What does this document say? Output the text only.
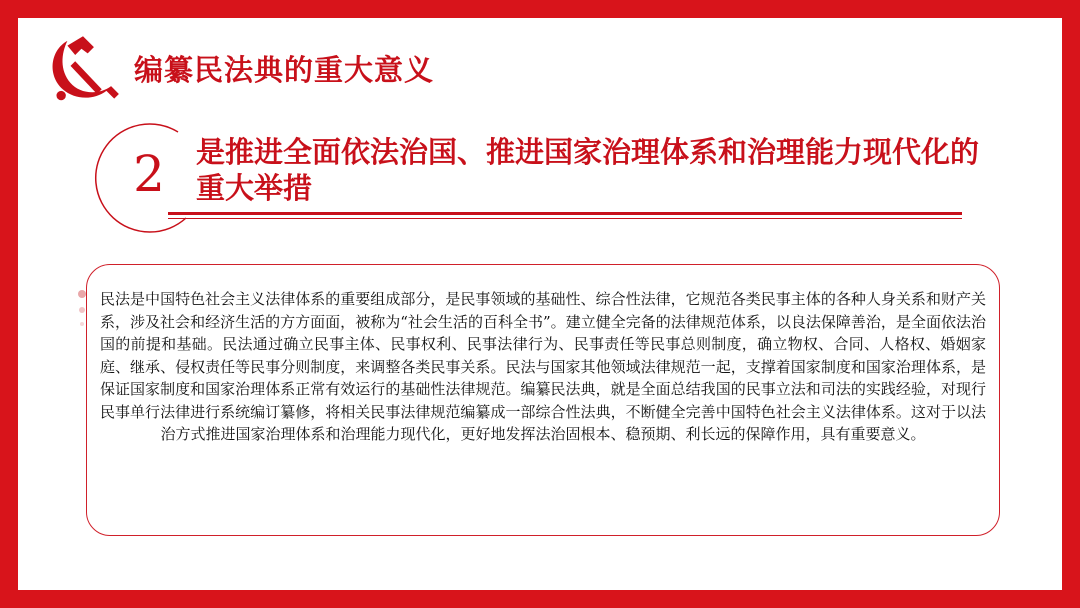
编纂民法典的重大意义
2	是推进全面依法治国、推进国家治理体系和治理能力现代化的重大举措
民法是中国特色社会主义法律体系的重要组成部分，是民事领域的基础性、综合性法律，它规范各类民事主体的各种人身关系和财产关系，涉及社会和经济生活的方方面面，被称为“社会生活的百科全书”。建立健全完备的法律规范体系，以良法保障善治，是全面依法治国的前提和基础。民法通过确立民事主体、民事权利、民事法律行为、民事责任等民事总则制度，确立物权、合同、人格权、婚姻家庭、继承、侵权责任等民事分则制度，来调整各类民事关系。民法与国家其他领域法律规范一起，支撑着国家制度和国家治理体系，是保证国家制度和国家治理体系正常有效运行的基础性法律规范。编纂民法典，就是全面总结我国的民事立法和司法的实践经验，对现行民事单行法律进行系统编订纂修，将相关民事法律规范编纂成一部综合性法典，不断健全完善中国特色社会主义法律体系。这对于以法治方式推进国家治理体系和治理能力现代化，更好地发挥法治固根本、稳预期、利长远的保障作用，具有重要意义。
